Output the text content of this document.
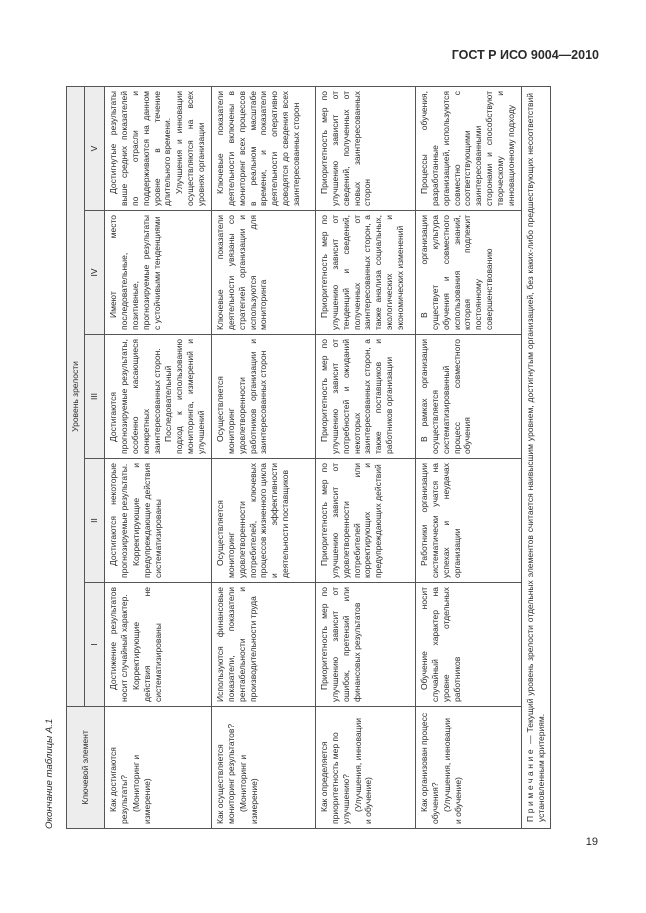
ГОСТ Р ИСО 9004—2010
Окончание таблицы А.1	Ключевой элемент	Уровень зрелости				
	I	II	III	IV	V

Как достигаются результаты? (Мониторинг и измерение)	Достижение результатов носит случайный характер. Корректирующие действия не систематизированы	Достигаются некоторые прогнозируемые результаты. Корректирующие и предупреждающие действия систематизированы	Достигаются прогнозируемые результаты, особенно касающиеся конкретных заинтересованных сторон. Последовательный подход к использованию мониторинга, измерений и улучшений	Имеют место последовательные, позитивные, прогнозируемые результаты с устойчивыми тенденциями	Достигнутые результаты выше средних показателей по отрасли и поддерживаются на данном уровне в течение длительного времени. Улучшения и инновации осуществляются на всех уровнях организации

Как осуществляется мониторинг результатов? (Мониторинг и измерение)	Используются финансовые показатели, показатели рентабельности и производительности труда	Осуществляется мониторинг удовлетворенности потребителей, ключевых процессов жизненного цикла и эффективности деятельности поставщиков	Осуществляется мониторинг удовлетворенности работников организации и заинтересованных сторон	Ключевые показатели деятельности увязаны со стратегией организации и используются для мониторинга	Ключевые показатели деятельности включены в мониторинг всех процессов в реальном масштабе времени, и показатели деятельности оперативно доводятся до сведения всех заинтересованных сторон

Как определяется приоритетность мер по улучшению? (Улучшения, инновации и обучение)	Приоритетность мер по улучшению зависит от ошибок, претензий или финансовых результатов	Приоритетность мер по улучшению зависит от удовлетворенности потребителей или корректирующих и предупреждающих действий	Приоритетность мер по улучшению зависит от потребностей и ожиданий некоторых заинтересованных сторон, а также поставщиков и работников организации	Приоритетность мер по улучшению зависит от тенденций и сведений, полученных от заинтересованных сторон, а также анализа социальных, экологических и экономических изменений	Приоритетность мер по улучшению зависит от сведений, полученных от новых заинтересованных сторон

Как организован процесс обучения? (Улучшения, инновации и обучение)	Обучение носит случайный характер на уровне отдельных работников	Работники организации систематически учатся на успехах и неудачах организации	В рамках организации осуществляется систематизированный процесс совместного обучения	В организации существует культура обучения и совместного использования знаний, которая подлежит постоянному совершенствованию	Процессы обучения, разработанные организацией, используются совместно с соответствующими заинтересованными сторонами и способствуют творческому и инновационному подходу

Примечание — Текущий уровень зрелости отдельных элементов считается наивысшим уровнем, достигнутым организацией, без каких-либо предшествующих несоответствий установленным критериям.					
19
